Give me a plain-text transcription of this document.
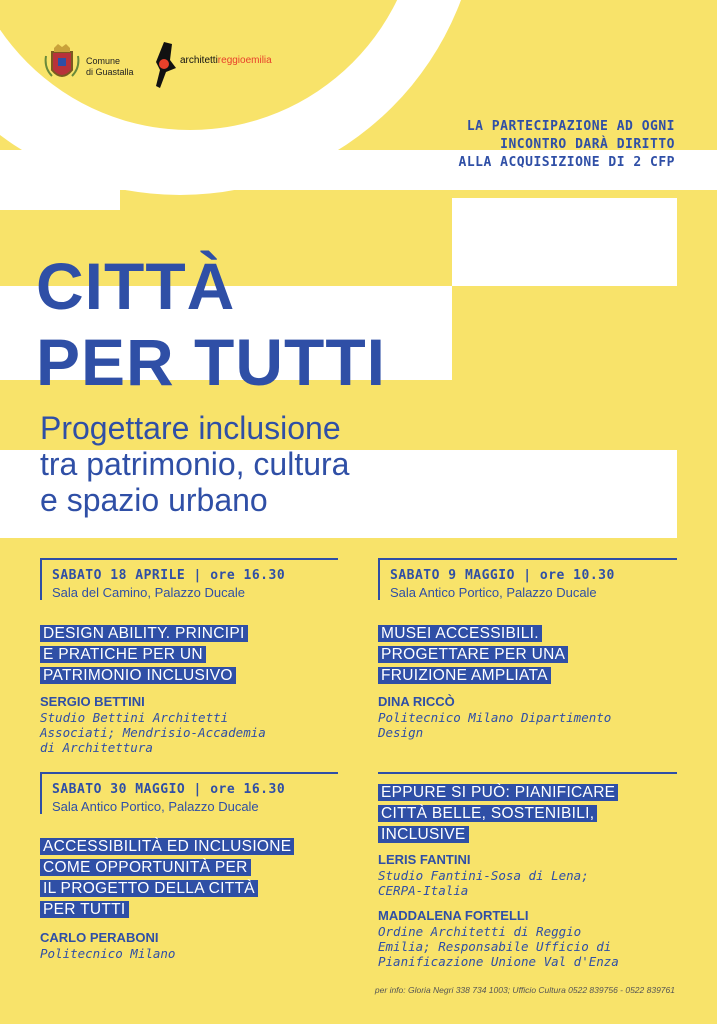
Comune
di Guastalla
architettireggioemilia
LA PARTECIPAZIONE AD OGNI
INCONTRO DARÀ DIRITTO
ALLA ACQUISIZIONE DI 2 CFP
CITTÀ
PER TUTTI
Progettare inclusione
tra patrimonio, cultura
e spazio urbano
SABATO 18 APRILE | ore 16.30
Sala del Camino, Palazzo Ducale
DESIGN ABILITY. PRINCIPI
E PRATICHE PER UN
PATRIMONIO INCLUSIVO
SERGIO BETTINI
Studio Bettini Architetti
Associati; Mendrisio-Accademia
di Architettura
SABATO 9 MAGGIO | ore 10.30
Sala Antico Portico, Palazzo Ducale
MUSEI ACCESSIBILI.
PROGETTARE PER UNA
FRUIZIONE AMPLIATA
DINA RICCÒ
Politecnico Milano Dipartimento
Design
SABATO 30 MAGGIO | ore 16.30
Sala Antico Portico, Palazzo Ducale
ACCESSIBILITÀ ED INCLUSIONE
COME OPPORTUNITÀ PER
IL PROGETTO DELLA CITTÀ
PER TUTTI
CARLO PERABONI
Politecnico Milano
EPPURE SI PUÒ: PIANIFICARE
CITTÀ BELLE, SOSTENIBILI,
INCLUSIVE
LERIS FANTINI
Studio Fantini-Sosa di Lena;
CERPA-Italia
MADDALENA FORTELLI
Ordine Architetti di Reggio
Emilia; Responsabile Ufficio di
Pianificazione Unione Val d'Enza
per info: Gloria Negri 338 734 1003; Ufficio Cultura 0522 839756 - 0522 839761
